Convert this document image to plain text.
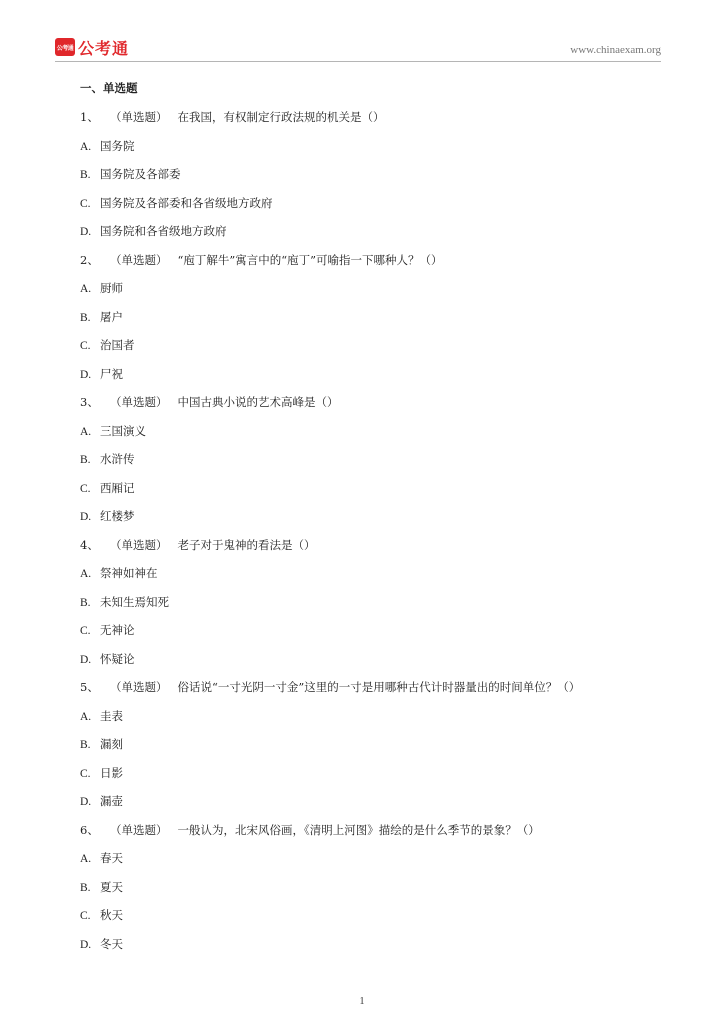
公考通 公考通	www.chinaexam.org
一、单选题
1、 （单选题） 在我国，有权制定行政法规的机关是（）
A. 国务院
B. 国务院及各部委
C. 国务院及各部委和各省级地方政府
D. 国务院和各省级地方政府
2、 （单选题） “庖丁解牛”寓言中的“庖丁”可喻指一下哪种人？（）
A. 厨师
B. 屠户
C. 治国者
D. 尸祝
3、 （单选题） 中国古典小说的艺术高峰是（）
A. 三国演义
B. 水浒传
C. 西厢记
D. 红楼梦
4、 （单选题） 老子对于鬼神的看法是（）
A. 祭神如神在
B. 未知生焉知死
C. 无神论
D. 怀疑论
5、 （单选题） 俗话说“一寸光阴一寸金”这里的一寸是用哪种古代计时器量出的时间单位？（）
A. 圭表
B. 漏刻
C. 日影
D. 漏壶
6、 （单选题） 一般认为，北宋风俗画，《清明上河图》描绘的是什么季节的景象？（）
A. 春天
B. 夏天
C. 秋天
D. 冬天
1
